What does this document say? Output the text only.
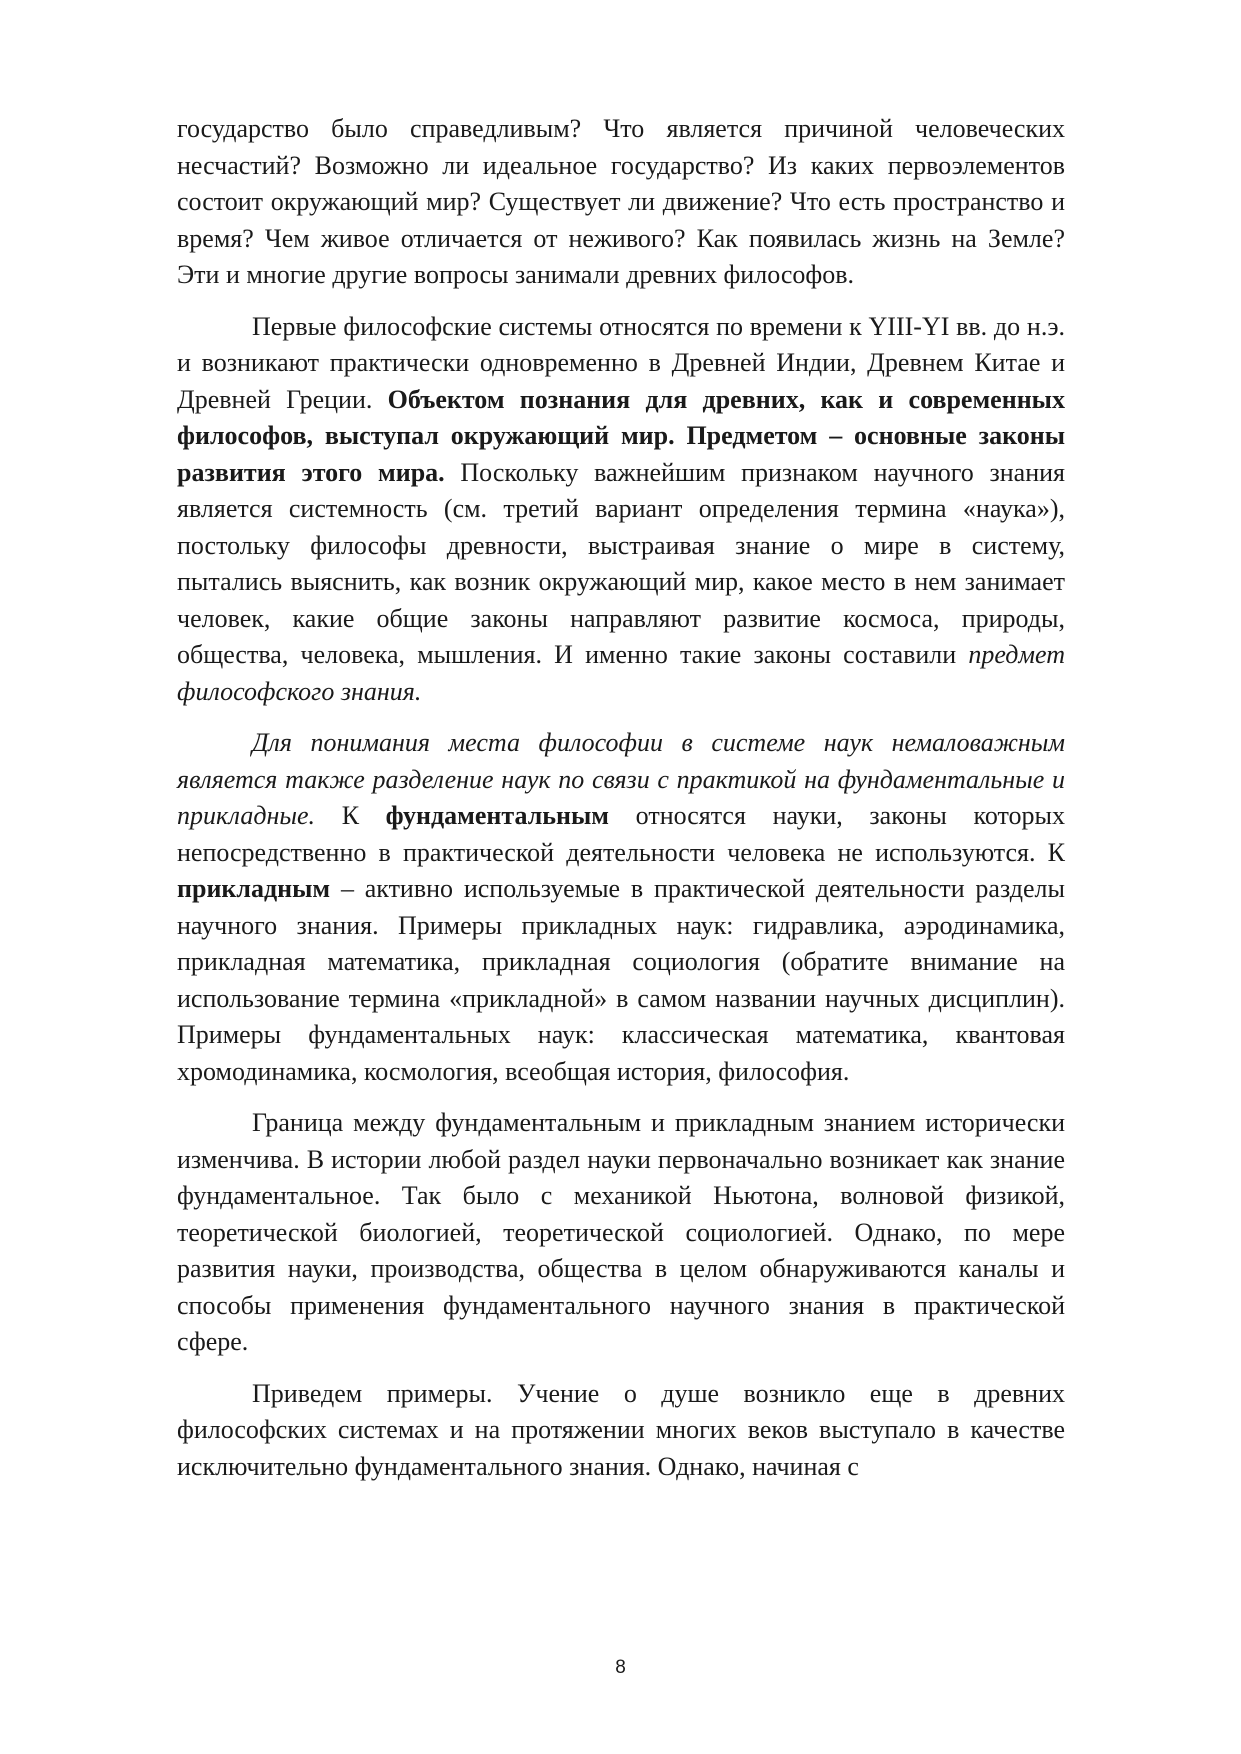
государство было справедливым? Что является причиной человеческих несчастий? Возможно ли идеальное государство? Из каких первоэлементов состоит окружающий мир? Существует ли движение? Что есть пространство и время? Чем живое отличается от неживого? Как появилась жизнь на Земле? Эти и многие другие вопросы занимали древних философов.

Первые философские системы относятся по времени к YIII-YI вв. до н.э. и возникают практически одновременно в Древней Индии, Древнем Китае и Древней Греции. Объектом познания для древних, как и современных философов, выступал окружающий мир. Предметом – основные законы развития этого мира. Поскольку важнейшим признаком научного знания является системность (см. третий вариант определения термина «наука»), постольку философы древности, выстраивая знание о мире в систему, пытались выяснить, как возник окружающий мир, какое место в нем занимает человек, какие общие законы направляют развитие космоса, природы, общества, человека, мышления. И именно такие законы составили предмет философского знания.

Для понимания места философии в системе наук немаловажным является также разделение наук по связи с практикой на фундаментальные и прикладные. К фундаментальным относятся науки, законы которых непосредственно в практической деятельности человека не используются. К прикладным – активно используемые в практической деятельности разделы научного знания. Примеры прикладных наук: гидравлика, аэродинамика, прикладная математика, прикладная социология (обратите внимание на использование термина «прикладной» в самом названии научных дисциплин). Примеры фундаментальных наук: классическая математика, квантовая хромодинамика, космология, всеобщая история, философия.

Граница между фундаментальным и прикладным знанием исторически изменчива. В истории любой раздел науки первоначально возникает как знание фундаментальное. Так было с механикой Ньютона, волновой физикой, теоретической биологией, теоретической социологией. Однако, по мере развития науки, производства, общества в целом обнаруживаются каналы и способы применения фундаментального научного знания в практической сфере.

Приведем примеры. Учение о душе возникло еще в древних философских системах и на протяжении многих веков выступало в качестве исключительно фундаментального знания. Однако, начиная с

8
